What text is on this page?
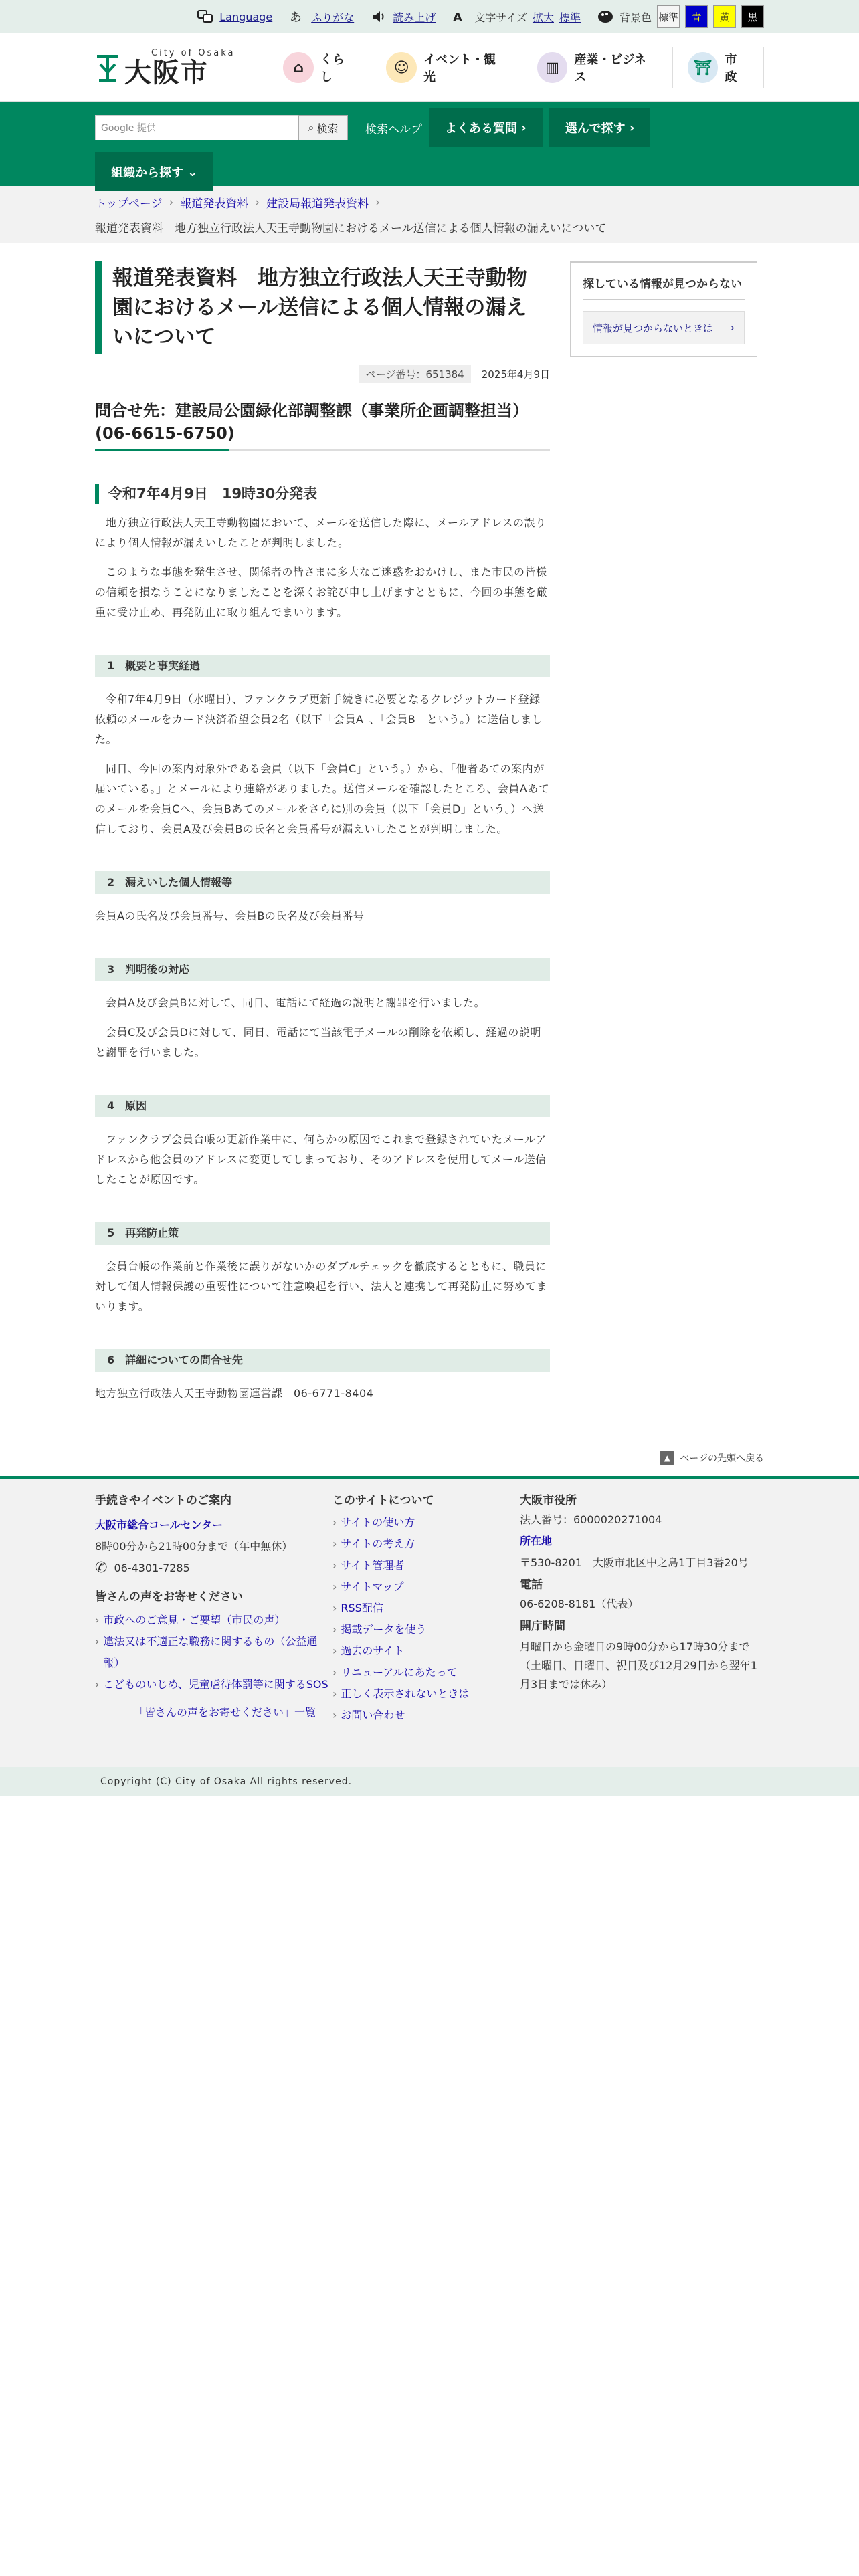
Language あ ふりがな	読み上げ A 文字サイズ 拡大 標準	背景色 標準	青	黄	黒
City of Osaka
大阪市	⌂	くらし
☺	イベント・観光
▥	産業・ビジネス
⛩	市政
Google 提供	⌕ 検索 検索ヘルプ よくある質問 ›	選んで探す ›
組織から探す ⌄
トップページ › 報道発表資料 › 建設局報道発表資料 ›
報道発表資料　地方独立行政法人天王寺動物園におけるメール送信による個人情報の漏えいについて
報道発表資料　地方独立行政法人天王寺動物園におけるメール送信による個人情報の漏えいについて
ページ番号：651384	2025年4月9日
問合せ先：建設局公園緑化部調整課（事業所企画調整担当）(06-6615-6750)
令和7年4月9日　19時30分発表

地方独立行政法人天王寺動物園において、メールを送信した際に、メールアドレスの誤りにより個人情報が漏えいしたことが判明しました。

このような事態を発生させ、関係者の皆さまに多大なご迷惑をおかけし、また市民の皆様の信頼を損なうことになりましたことを深くお詫び申し上げますとともに、今回の事態を厳重に受け止め、再発防止に取り組んでまいります。

1　概要と事実経過

令和7年4月9日（水曜日）、ファンクラブ更新手続きに必要となるクレジットカード登録依頼のメールをカード決済希望会員2名（以下「会員A」、「会員B」という。）に送信しました。

同日、今回の案内対象外である会員（以下「会員C」という。）から、「他者あての案内が届いている。」とメールにより連絡がありました。送信メールを確認したところ、会員Aあてのメールを会員Cへ、会員Bあてのメールをさらに別の会員（以下「会員D」という。）へ送信しており、会員A及び会員Bの氏名と会員番号が漏えいしたことが判明しました。

2　漏えいした個人情報等

会員Aの氏名及び会員番号、会員Bの氏名及び会員番号

3　判明後の対応

会員A及び会員Bに対して、同日、電話にて経過の説明と謝罪を行いました。

会員C及び会員Dに対して、同日、電話にて当該電子メールの削除を依頼し、経過の説明と謝罪を行いました。

4　原因

ファンクラブ会員台帳の更新作業中に、何らかの原因でこれまで登録されていたメールアドレスから他会員のアドレスに変更してしまっており、そのアドレスを使用してメール送信したことが原因です。

5　再発防止策

会員台帳の作業前と作業後に誤りがないかのダブルチェックを徹底するとともに、職員に対して個人情報保護の重要性について注意喚起を行い、法人と連携して再発防止に努めてまいります。

6　詳細についての問合せ先

地方独立行政法人天王寺動物園運営課　06-6771-8404

探している情報が見つからない
情報が見つからないときは ›
▲	ページの先頭へ戻る
手続きやイベントのご案内
大阪市総合コールセンター
8時00分から21時00分まで（年中無休）
✆ 06-4301-7285
皆さんの声をお寄せください
› 市政へのご意見・ご要望（市民の声）
› 違法又は不適正な職務に関するもの（公益通報）
› こどものいじめ、児童虐待体罰等に関するSOS
「皆さんの声をお寄せください」一覧
このサイトについて
› サイトの使い方
› サイトの考え方
› サイト管理者
› サイトマップ
› RSS配信
› 掲載データを使う
› 過去のサイト
› リニューアルにあたって
› 正しく表示されないときは
› お問い合わせ
大阪市役所
法人番号：6000020271004
所在地
〒530-8201　大阪市北区中之島1丁目3番20号
電話
06-6208-8181（代表）
開庁時間
月曜日から金曜日の9時00分から17時30分まで
（土曜日、日曜日、祝日及び12月29日から翌年1月3日までは休み）
Copyright (C) City of Osaka All rights reserved.
